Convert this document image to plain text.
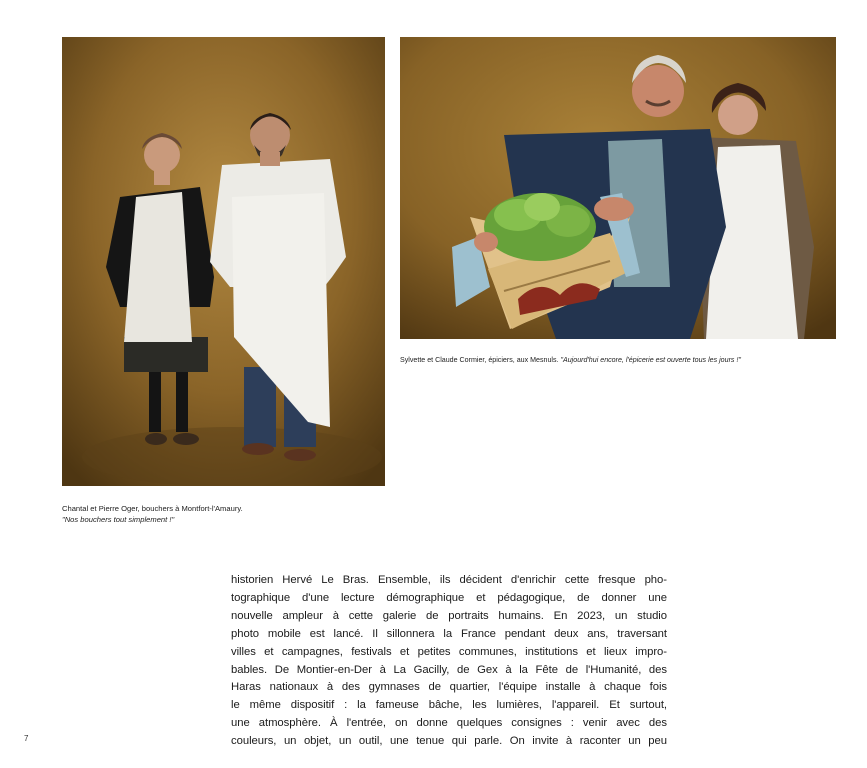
Chantal et Pierre Oger, bouchers à Montfort-l'Amaury.
"Nos bouchers tout simplement !"
Sylvette et Claude Cormier, épiciers, aux Mesnuls. "Aujourd'hui encore, l'épicerie est ouverte tous les jours !"
historien Hervé Le Bras. Ensemble, ils décident d'enrichir cette fresque pho-
tographique d'une lecture démographique et pédagogique, de donner une
nouvelle ampleur à cette galerie de portraits humains. En 2023, un studio
photo mobile est lancé. Il sillonnera la France pendant deux ans, traversant
villes et campagnes, festivals et petites communes, institutions et lieux impro-
bables. De Montier-en-Der à La Gacilly, de Gex à la Fête de l'Humanité, des
Haras nationaux à des gymnases de quartier, l'équipe installe à chaque fois
le même dispositif : la fameuse bâche, les lumières, l'appareil. Et surtout,
une atmosphère. À l'entrée, on donne quelques consignes : venir avec des
couleurs, un objet, un outil, une tenue qui parle. On invite à raconter un peu
7
